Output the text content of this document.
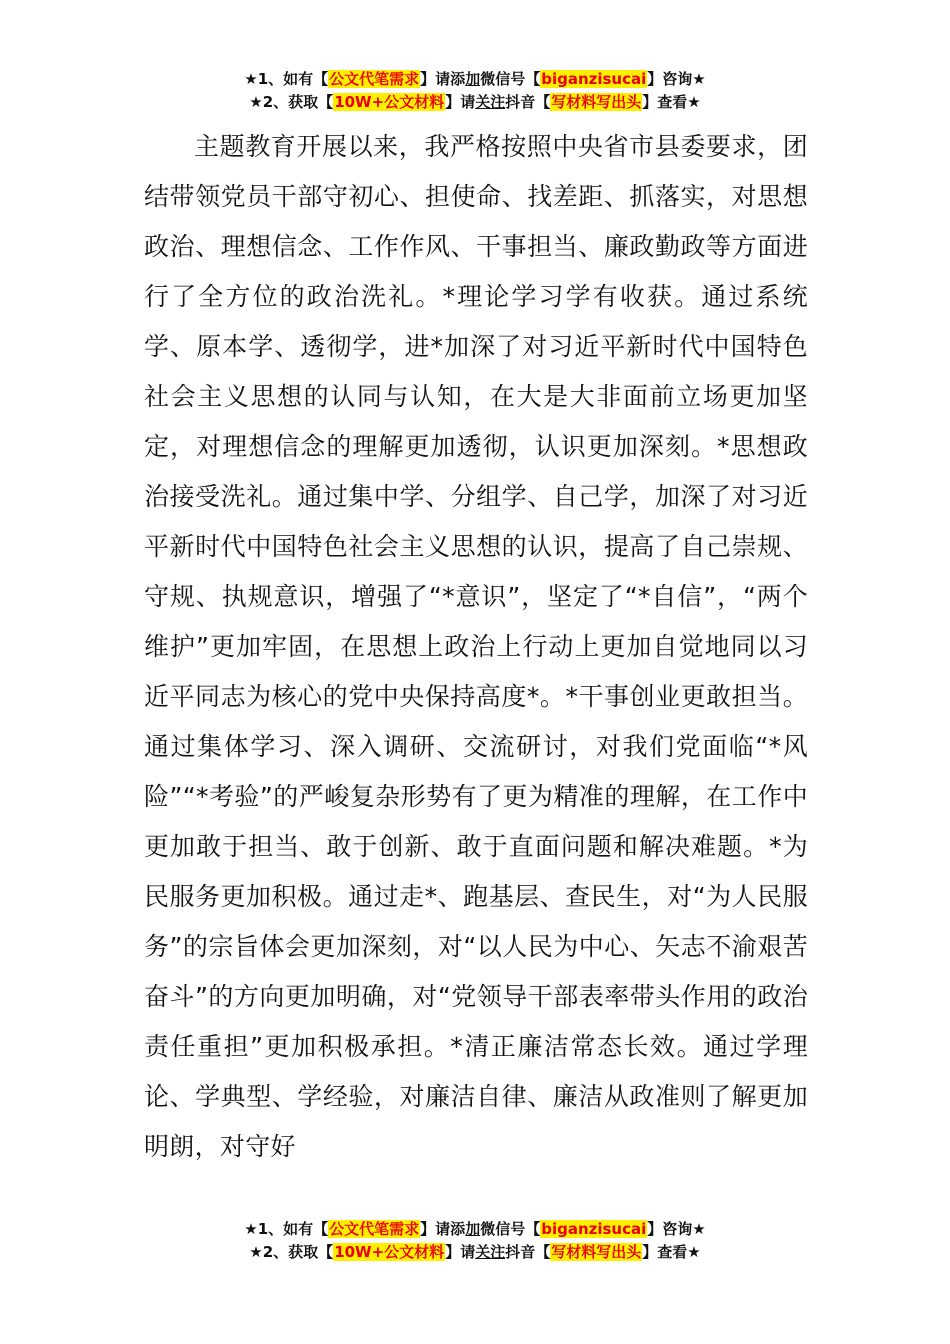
★1、如有【公文代笔需求】请添加微信号【biganzisucai】咨询★
★2、获取【10W+公文材料】请关注抖音【写材料写出头】查看★

主题教育开展以来，我严格按照中央省市县委要求，团结带领党员干部守初心、担使命、找差距、抓落实，对思想政治、理想信念、工作作风、干事担当、廉政勤政等方面进行了全方位的政治洗礼。*理论学习学有收获。通过系统学、原本学、透彻学，进*加深了对习近平新时代中国特色社会主义思想的认同与认知，在大是大非面前立场更加坚定，对理想信念的理解更加透彻，认识更加深刻。*思想政治接受洗礼。通过集中学、分组学、自己学，加深了对习近平新时代中国特色社会主义思想的认识，提高了自己崇规、守规、执规意识，增强了“*意识”，坚定了“*自信”，“两个维护”更加牢固，在思想上政治上行动上更加自觉地同以习近平同志为核心的党中央保持高度*。*干事创业更敢担当。通过集体学习、深入调研、交流研讨，对我们党面临“*风险”“*考验”的严峻复杂形势有了更为精准的理解，在工作中更加敢于担当、敢于创新、敢于直面问题和解决难题。*为民服务更加积极。通过走*、跑基层、查民生，对“为人民服务”的宗旨体会更加深刻，对“以人民为中心、矢志不渝艰苦奋斗”的方向更加明确，对“党领导干部表率带头作用的政治责任重担”更加积极承担。*清正廉洁常态长效。通过学理论、学典型、学经验，对廉洁自律、廉洁从政准则了解更加明朗，对守好

★1、如有【公文代笔需求】请添加微信号【biganzisucai】咨询★
★2、获取【10W+公文材料】请关注抖音【写材料写出头】查看★
